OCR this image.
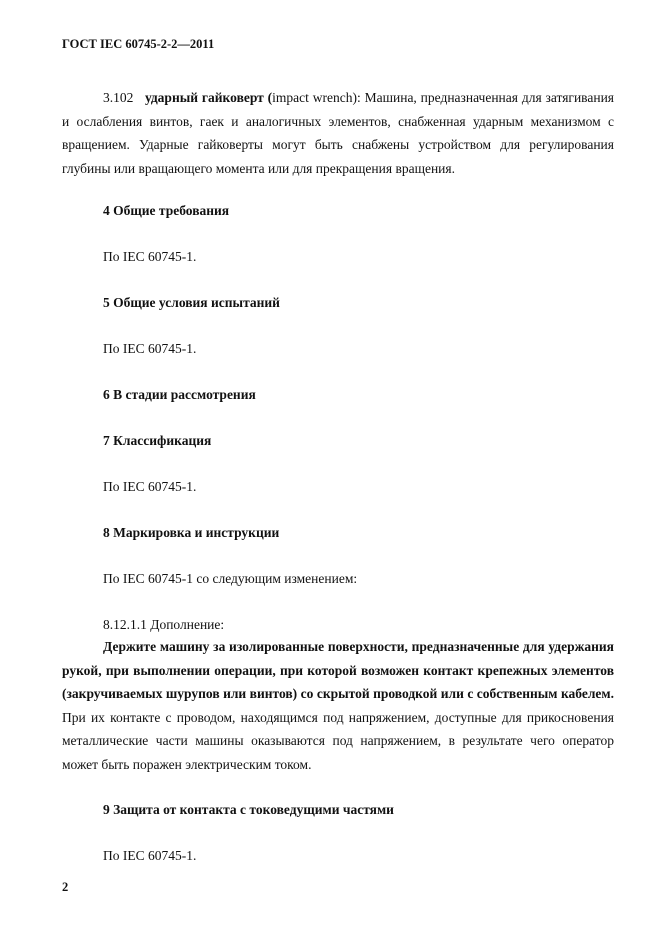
ГОСТ IEC 60745-2-2—2011
3.102 ударный гайковерт (impact wrench): Машина, предназначенная для затягивания и ослабления винтов, гаек и аналогичных элементов, снабженная ударным механизмом с вращением. Ударные гайковерты могут быть снабжены устройством для регулирования глубины или вращающего момента или для прекращения вращения.
4 Общие требования
По IEC 60745-1.
5 Общие условия испытаний
По IEC 60745-1.
6 В стадии рассмотрения
7 Классификация
По IEC 60745-1.
8 Маркировка и инструкции
По IEC 60745-1 со следующим изменением:
8.12.1.1 Дополнение:
Держите машину за изолированные поверхности, предназначенные для удержания рукой, при выполнении операции, при которой возможен контакт крепежных элементов (закручиваемых шурупов или винтов) со скрытой проводкой или с собственным кабелем. При их контакте с проводом, находящимся под напряжением, доступные для прикосновения металлические части машины оказываются под напряжением, в результате чего оператор может быть поражен электрическим током.
9 Защита от контакта с токоведущими частями
По IEC 60745-1.
2
